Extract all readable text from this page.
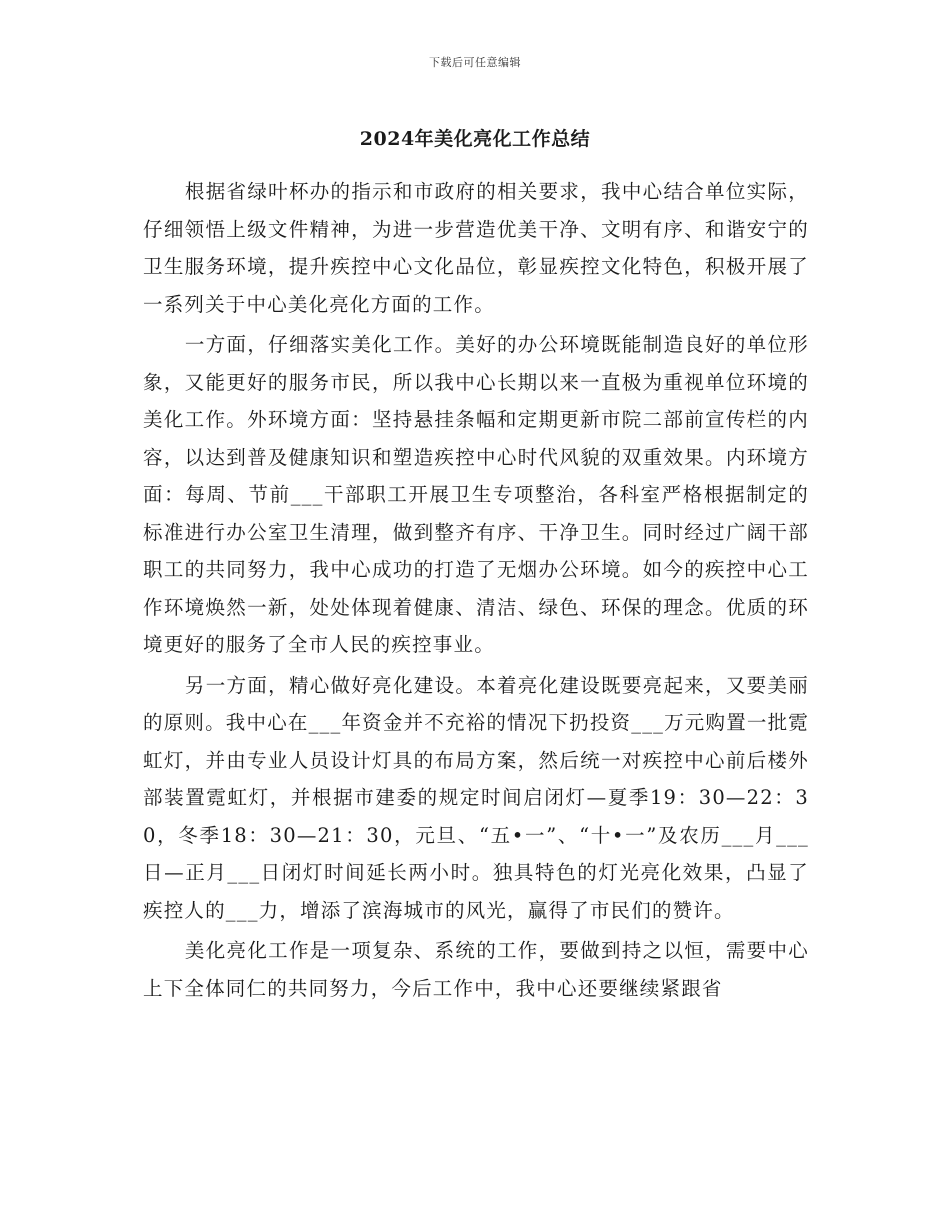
下载后可任意编辑
2024年美化亮化工作总结

根据省绿叶杯办的指示和市政府的相关要求，我中心结合单位实际，仔细领悟上级文件精神，为进一步营造优美干净、文明有序、和谐安宁的卫生服务环境，提升疾控中心文化品位，彰显疾控文化特色，积极开展了一系列关于中心美化亮化方面的工作。

一方面，仔细落实美化工作。美好的办公环境既能制造良好的单位形象，又能更好的服务市民，所以我中心长期以来一直极为重视单位环境的美化工作。外环境方面：坚持悬挂条幅和定期更新市院二部前宣传栏的内容，以达到普及健康知识和塑造疾控中心时代风貌的双重效果。内环境方面：每周、节前___干部职工开展卫生专项整治，各科室严格根据制定的标准进行办公室卫生清理，做到整齐有序、干净卫生。同时经过广阔干部职工的共同努力，我中心成功的打造了无烟办公环境。如今的疾控中心工作环境焕然一新，处处体现着健康、清洁、绿色、环保的理念。优质的环境更好的服务了全市人民的疾控事业。

另一方面，精心做好亮化建设。本着亮化建设既要亮起来，又要美丽的原则。我中心在___年资金并不充裕的情况下扔投资___万元购置一批霓虹灯，并由专业人员设计灯具的布局方案，然后统一对疾控中心前后楼外部装置霓虹灯，并根据市建委的规定时间启闭灯—夏季19：30—22：30，冬季18：30—21：30，元旦、“五•一”、“十•一”及农历___月___日—正月___日闭灯时间延长两小时。独具特色的灯光亮化效果，凸显了疾控人的___力，增添了滨海城市的风光，赢得了市民们的赞许。

美化亮化工作是一项复杂、系统的工作，要做到持之以恒，需要中心上下全体同仁的共同努力，今后工作中，我中心还要继续紧跟省
